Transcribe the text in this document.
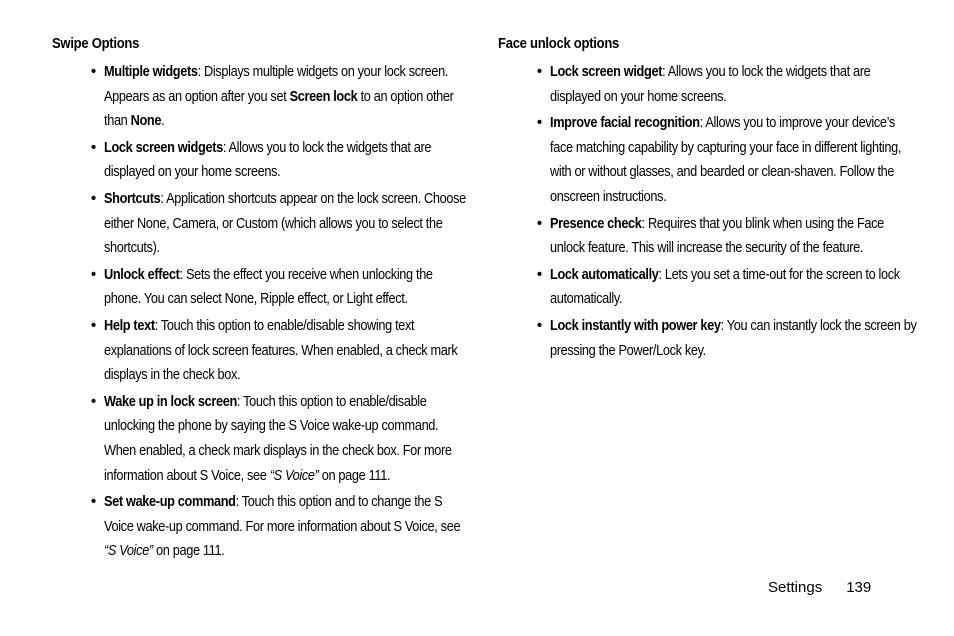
Swipe Options
• Multiple widgets: Displays multiple widgets on your lock screen. Appears as an option after you set Screen lock to an option other than None.
• Lock screen widgets: Allows you to lock the widgets that are displayed on your home screens.
• Shortcuts: Application shortcuts appear on the lock screen. Choose either None, Camera, or Custom (which allows you to select the shortcuts).
• Unlock effect: Sets the effect you receive when unlocking the phone. You can select None, Ripple effect, or Light effect.
• Help text: Touch this option to enable/disable showing text explanations of lock screen features. When enabled, a check mark displays in the check box.
• Wake up in lock screen: Touch this option to enable/disable unlocking the phone by saying the S Voice wake-up command. When enabled, a check mark displays in the check box. For more information about S Voice, see “S Voice” on page 111.
• Set wake-up command: Touch this option and to change the S Voice wake-up command. For more information about S Voice, see “S Voice” on page 111.
Face unlock options
• Lock screen widget: Allows you to lock the widgets that are displayed on your home screens.
• Improve facial recognition: Allows you to improve your device’s face matching capability by capturing your face in different lighting, with or without glasses, and bearded or clean-shaven. Follow the onscreen instructions.
• Presence check: Requires that you blink when using the Face unlock feature. This will increase the security of the feature.
• Lock automatically: Lets you set a time-out for the screen to lock automatically.
• Lock instantly with power key: You can instantly lock the screen by pressing the Power/Lock key.
Settings 139
